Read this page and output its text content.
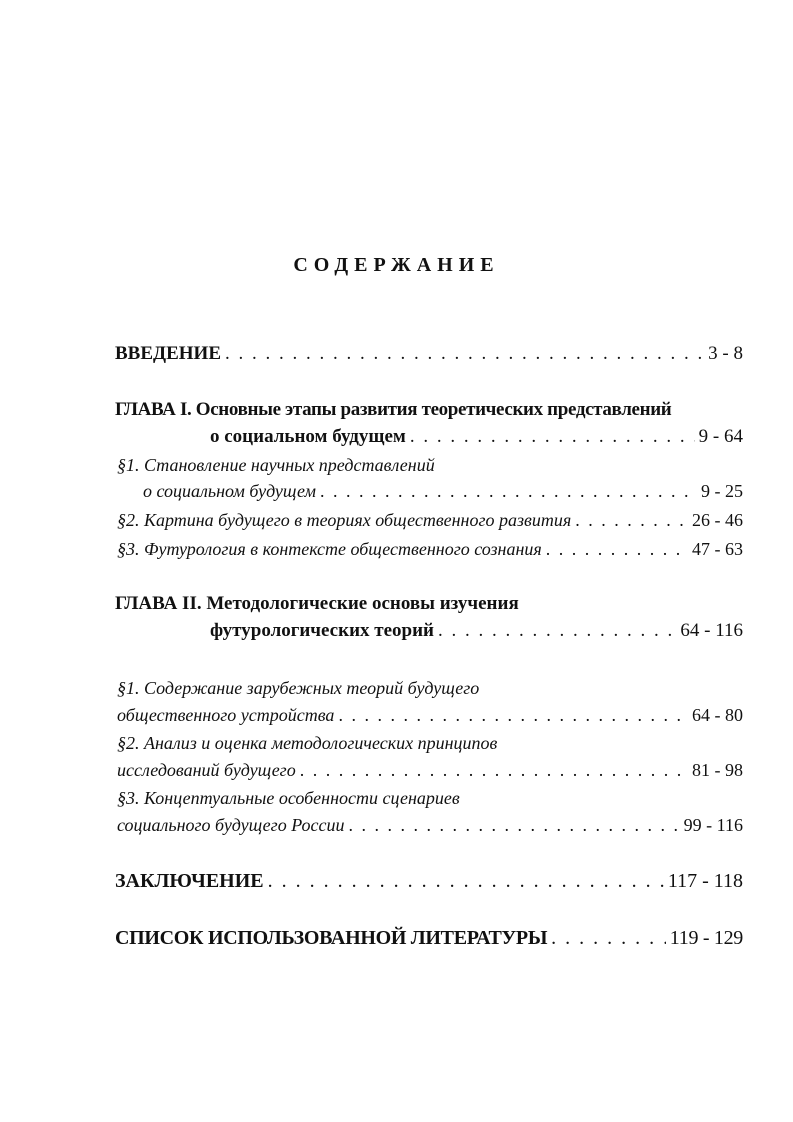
СОДЕРЖАНИЕ
ВВЕДЕНИЕ . . .	3 - 8
ГЛАВА I. Основные этапы развития теоретических представлений
о социальном будущем . . .	9 - 64
§1. Становление научных представлений
о социальном будущем . . .	9 - 25
§2. Картина будущего в теориях общественного развития . . .	26 - 46
§3. Футурология в контексте общественного сознания . . .	47 - 63
ГЛАВА II. Методологические основы изучения
футурологических теорий . . .	64 - 116
§1. Содержание зарубежных теорий будущего
общественного устройства . . .	64 - 80
§2. Анализ и оценка методологических принципов
исследований будущего . . .	81 - 98
§3. Концептуальные особенности сценариев
социального будущего России . . .	99 - 116
ЗАКЛЮЧЕНИЕ . . .	117 - 118
СПИСОК ИСПОЛЬЗОВАННОЙ ЛИТЕРАТУРЫ . . .	119 - 129
